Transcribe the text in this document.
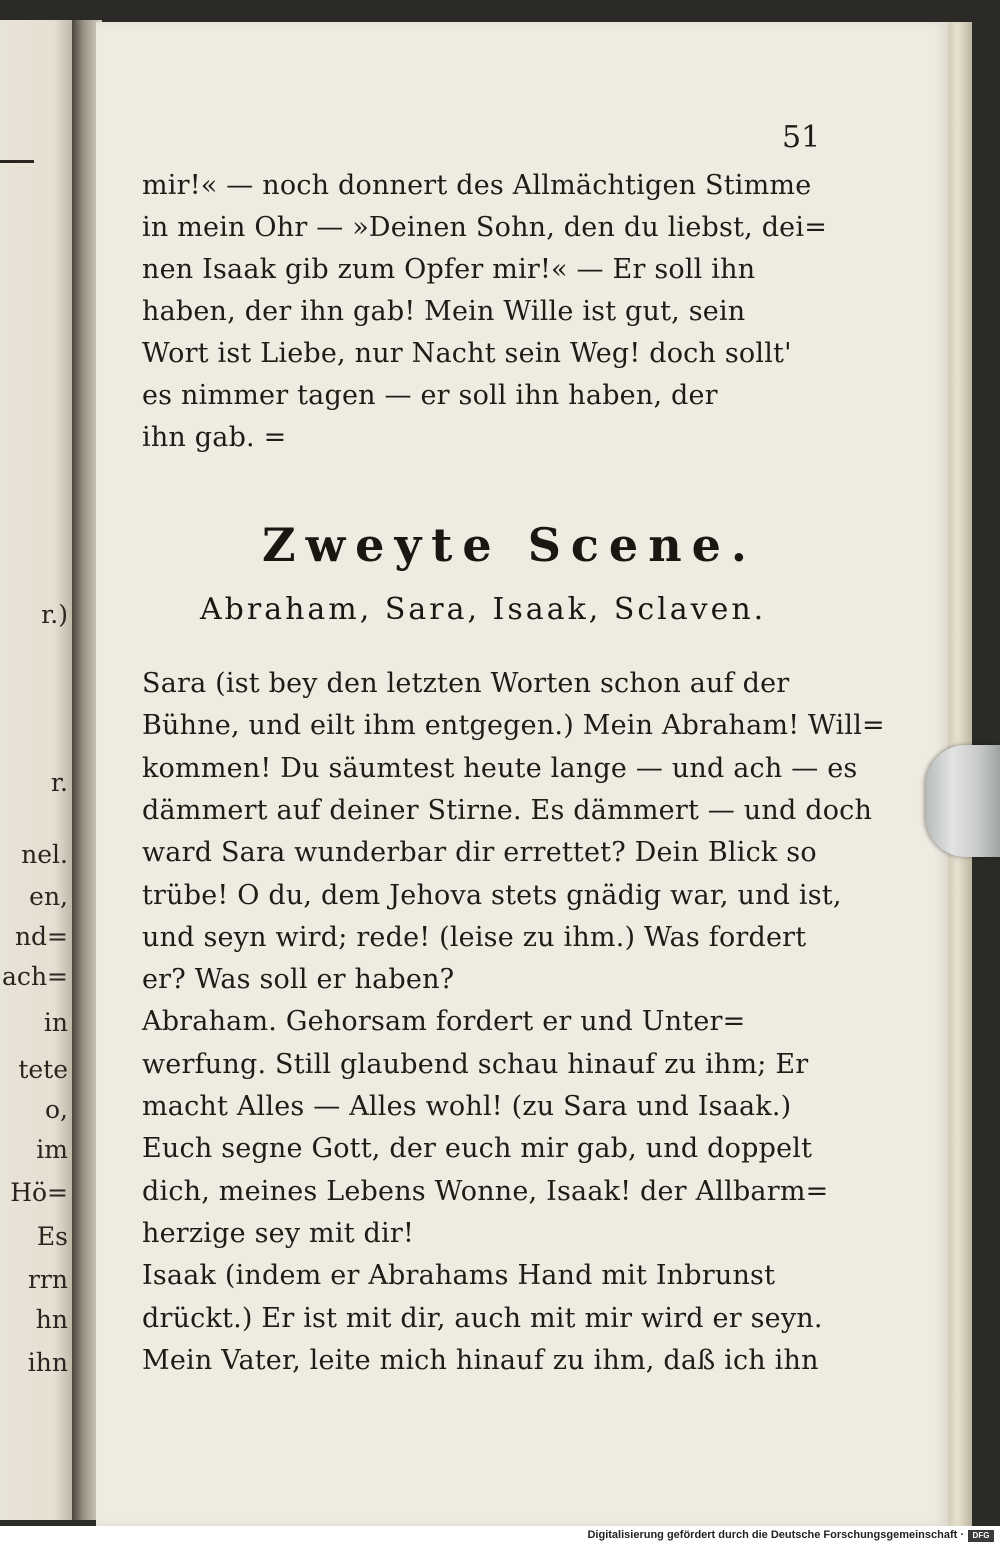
r.)
r.
nel.
en,
nd=
ach=
in
tete
o,
im
Hö=
Es
rrn
hn
ihn
51
mir!« — noch donnert des Allmächtigen Stimme
in mein Ohr — »Deinen Sohn, den du liebst, dei=
nen Isaak gib zum Opfer mir!« — Er soll ihn
haben, der ihn gab! Mein Wille ist gut, sein
Wort ist Liebe, nur Nacht sein Weg! doch sollt'
es nimmer tagen — er soll ihn haben, der
ihn gab. =
Zweyte Scene.
Abraham, Sara, Isaak, Sclaven.
Sara (ist bey den letzten Worten schon auf der
Bühne, und eilt ihm entgegen.) Mein Abraham! Will=
kommen! Du säumtest heute lange — und ach — es
dämmert auf deiner Stirne. Es dämmert — und doch
ward Sara wunderbar dir errettet? Dein Blick so
trübe! O du, dem Jehova stets gnädig war, und ist,
und seyn wird; rede! (leise zu ihm.) Was fordert
er? Was soll er haben?
Abraham. Gehorsam fordert er und Unter=
werfung. Still glaubend schau hinauf zu ihm; Er
macht Alles — Alles wohl! (zu Sara und Isaak.)
Euch segne Gott, der euch mir gab, und doppelt
dich, meines Lebens Wonne, Isaak! der Allbarm=
herzige sey mit dir!
Isaak (indem er Abrahams Hand mit Inbrunst
drückt.) Er ist mit dir, auch mit mir wird er seyn.
Mein Vater, leite mich hinauf zu ihm, daß ich ihn
Digitalisierung gefördert durch die Deutsche Forschungsgemeinschaft ·	DFG
